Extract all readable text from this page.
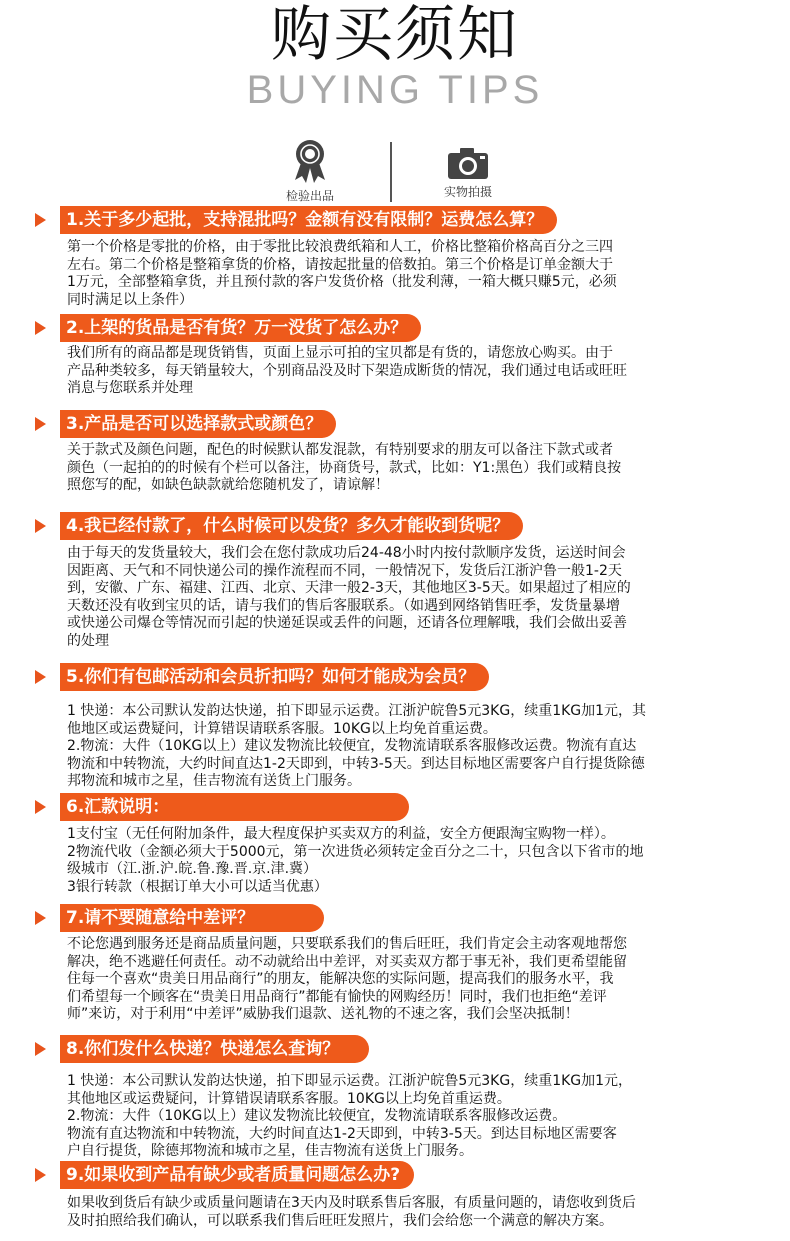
购买须知
BUYING TIPS
检验出品	实物拍摄
1.关于多少起批，支持混批吗？金额有没有限制？运费怎么算？
第一个价格是零批的价格，由于零批比较浪费纸箱和人工，价格比整箱价格高百分之三四
左右。第二个价格是整箱拿货的价格，请按起批量的倍数拍。第三个价格是订单金额大于
1万元，全部整箱拿货，并且预付款的客户发货价格（批发利薄，一箱大概只赚5元，必须
同时满足以上条件）
2.上架的货品是否有货？万一没货了怎么办？
我们所有的商品都是现货销售，页面上显示可拍的宝贝都是有货的，请您放心购买。由于
产品种类较多，每天销量较大，个别商品没及时下架造成断货的情况，我们通过电话或旺旺
消息与您联系并处理
3.产品是否可以选择款式或颜色？
关于款式及颜色问题，配色的时候默认都发混款，有特别要求的朋友可以备注下款式或者
颜色（一起拍的的时候有个栏可以备注，协商货号，款式，比如：Y1:黑色）我们或精良按
照您写的配，如缺色缺款就给您随机发了，请谅解！
4.我已经付款了，什么时候可以发货？多久才能收到货呢？
由于每天的发货量较大，我们会在您付款成功后24-48小时内按付款顺序发货，运送时间会
因距离、天气和不同快递公司的操作流程而不同，一般情况下，发货后江浙沪鲁一般1-2天
到，安徽、广东、福建、江西、北京、天津一般2-3天，其他地区3-5天。如果超过了相应的
天数还没有收到宝贝的话，请与我们的售后客服联系。（如遇到网络销售旺季，发货量暴增
或快递公司爆仓等情况而引起的快递延误或丢件的问题，还请各位理解哦，我们会做出妥善
的处理
5.你们有包邮活动和会员折扣吗？如何才能成为会员？
1 快递：本公司默认发韵达快递，拍下即显示运费。江浙沪皖鲁5元3KG，续重1KG加1元，其
他地区或运费疑问，计算错误请联系客服。10KG以上均免首重运费。
2.物流：大件（10KG以上）建议发物流比较便宜，发物流请联系客服修改运费。物流有直达
物流和中转物流，大约时间直达1-2天即到，中转3-5天。到达目标地区需要客户自行提货除德
邦物流和城市之星，佳吉物流有送货上门服务。
6.汇款说明：
1支付宝（无任何附加条件，最大程度保护买卖双方的利益，安全方便跟淘宝购物一样）。
2物流代收（金额必须大于5000元，第一次进货必须转定金百分之二十，只包含以下省市的地
级城市（江.浙.沪.皖.鲁.豫.晋.京.津.冀）
3银行转款（根据订单大小可以适当优惠）
7.请不要随意给中差评？
不论您遇到服务还是商品质量问题，只要联系我们的售后旺旺，我们肯定会主动客观地帮您
解决，绝不逃避任何责任。动不动就给出中差评，对买卖双方都于事无补，我们更希望能留
住每一个喜欢“贵美日用品商行”的朋友，能解决您的实际问题，提高我们的服务水平，我
们希望每一个顾客在“贵美日用品商行”都能有愉快的网购经历！同时，我们也拒绝“差评
师”来访，对于利用“中差评”威胁我们退款、送礼物的不速之客，我们会坚决抵制！
8.你们发什么快递？快递怎么查询？
1 快递：本公司默认发韵达快递，拍下即显示运费。江浙沪皖鲁5元3KG，续重1KG加1元，
其他地区或运费疑问，计算错误请联系客服。10KG以上均免首重运费。
2.物流：大件（10KG以上）建议发物流比较便宜，发物流请联系客服修改运费。
物流有直达物流和中转物流，大约时间直达1-2天即到，中转3-5天。到达目标地区需要客
户自行提货，除德邦物流和城市之星，佳吉物流有送货上门服务。
9.如果收到产品有缺少或者质量问题怎么办?
如果收到货后有缺少或质量问题请在3天内及时联系售后客服，有质量问题的，请您收到货后
及时拍照给我们确认，可以联系我们售后旺旺发照片，我们会给您一个满意的解决方案。
